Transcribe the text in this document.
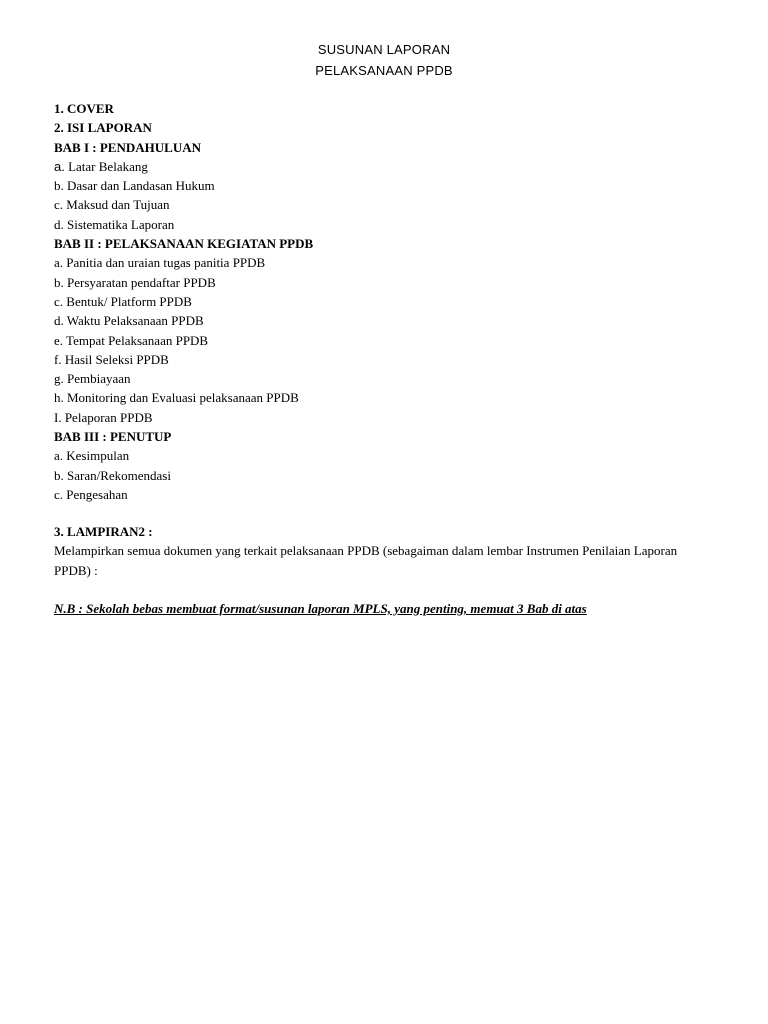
SUSUNAN LAPORAN
PELAKSANAAN PPDB
1. COVER
2. ISI LAPORAN
BAB I : PENDAHULUAN
a. Latar Belakang
b. Dasar dan Landasan Hukum
c. Maksud dan Tujuan
d. Sistematika Laporan
BAB II : PELAKSANAAN KEGIATAN PPDB
a. Panitia dan uraian tugas panitia PPDB
b. Persyaratan pendaftar PPDB
c. Bentuk/ Platform PPDB
d. Waktu Pelaksanaan PPDB
e. Tempat Pelaksanaan PPDB
f. Hasil Seleksi PPDB
g. Pembiayaan
h. Monitoring dan Evaluasi pelaksanaan PPDB
I. Pelaporan PPDB
BAB III : PENUTUP
a. Kesimpulan
b. Saran/Rekomendasi
c. Pengesahan
3. LAMPIRAN2 :
Melampirkan semua dokumen yang terkait pelaksanaan PPDB (sebagaiman dalam lembar Instrumen Penilaian Laporan PPDB) :
N.B : Sekolah bebas membuat format/susunan laporan MPLS, yang penting, memuat 3 Bab di atas
